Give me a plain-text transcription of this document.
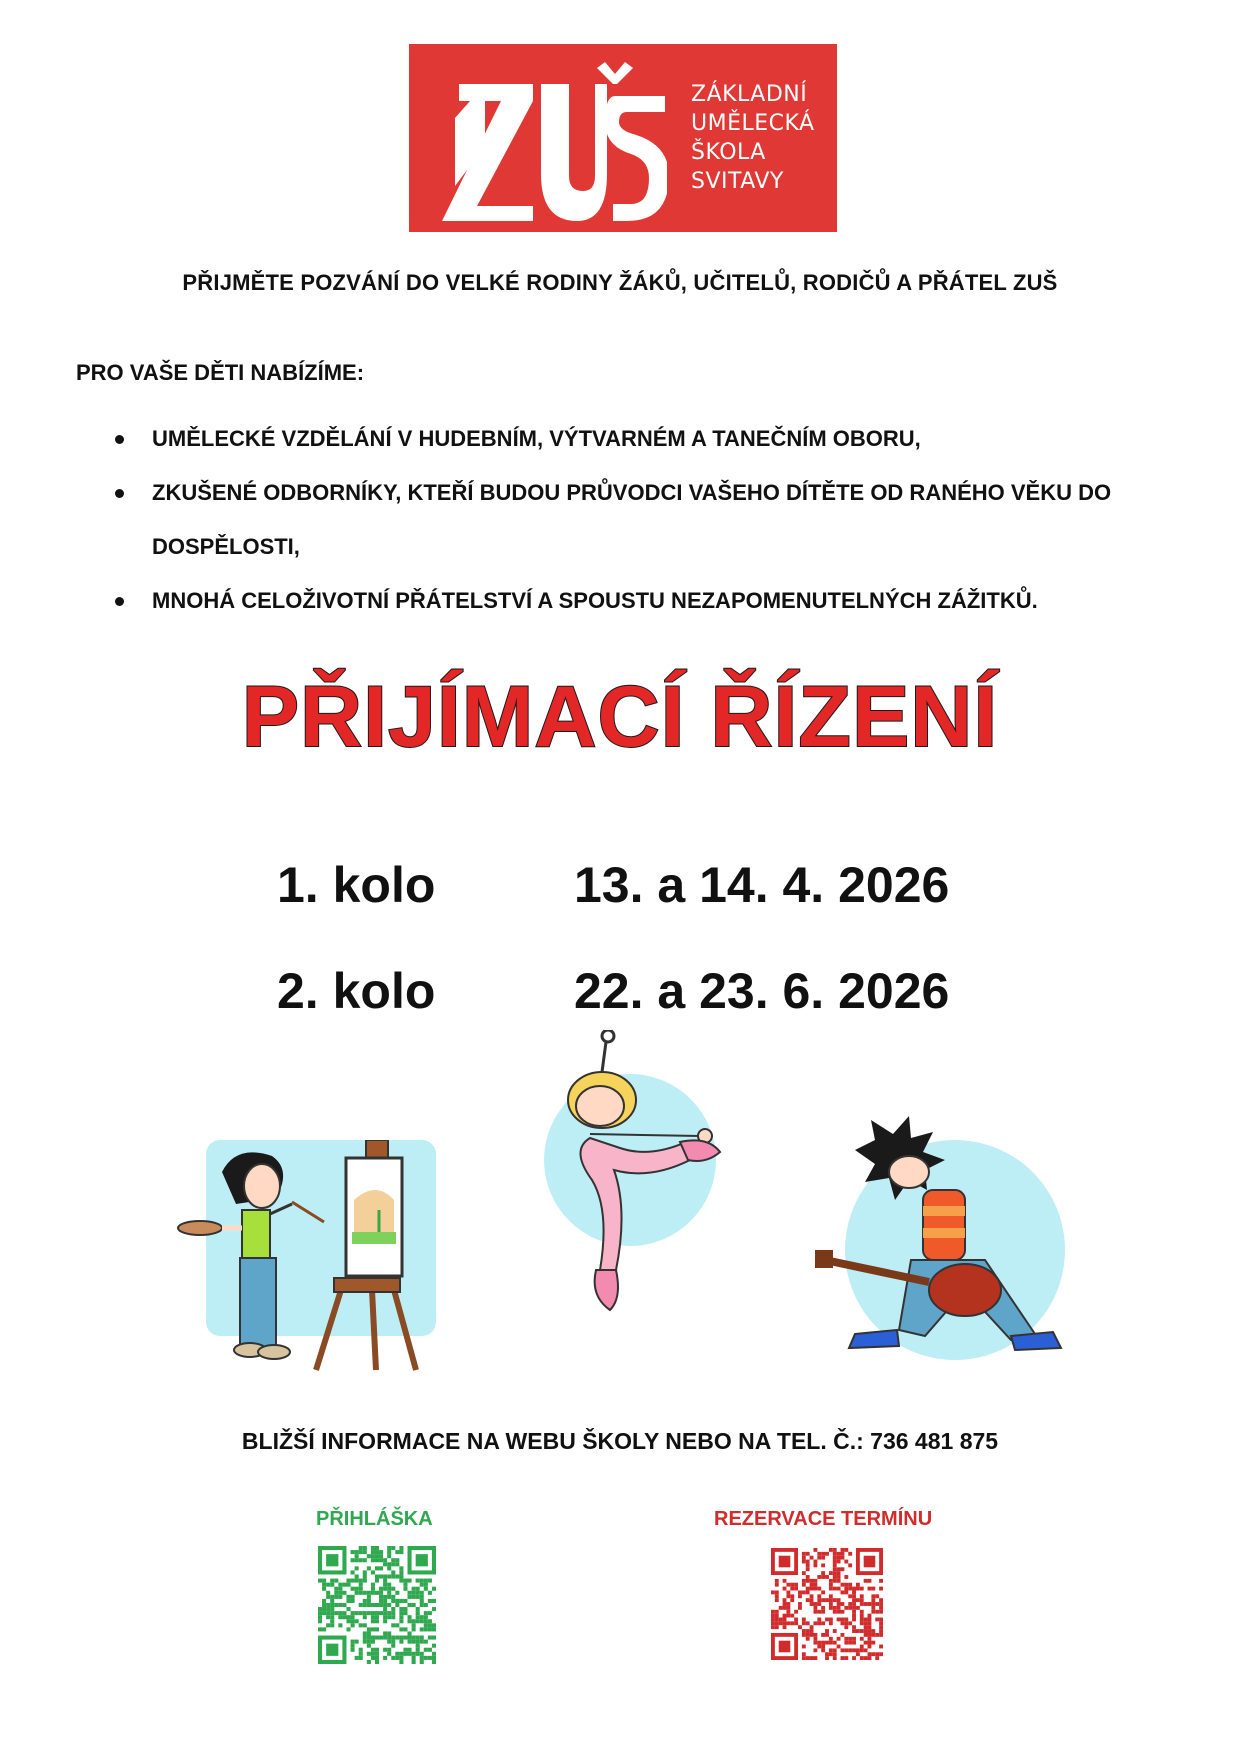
ZÁKLADNÍ
UMĚLECKÁ
ŠKOLA
SVITAVY
PŘIJMĚTE POZVÁNÍ DO VELKÉ RODINY ŽÁKŮ, UČITELŮ, RODIČŮ A PŘÁTEL ZUŠ
PRO VAŠE DĚTI NABÍZÍME:
UMĚLECKÉ VZDĚLÁNÍ V HUDEBNÍM, VÝTVARNÉM A TANEČNÍM OBORU,
ZKUŠENÉ ODBORNÍKY, KTEŘÍ BUDOU PRŮVODCI VAŠEHO DÍTĚTE OD RANÉHO VĚKU DO DOSPĚLOSTI,
MNOHÁ CELOŽIVOTNÍ PŘÁTELSTVÍ A SPOUSTU NEZAPOMENUTELNÝCH ZÁŽITKŮ.
PŘIJÍMACÍ ŘÍZENÍ
1. kolo	13. a 14. 4. 2026
2. kolo	22. a 23. 6. 2026
BLIŽŠÍ INFORMACE NA WEBU ŠKOLY NEBO NA TEL. Č.: 736 481 875
PŘIHLÁŠKA	REZERVACE TERMÍNU
